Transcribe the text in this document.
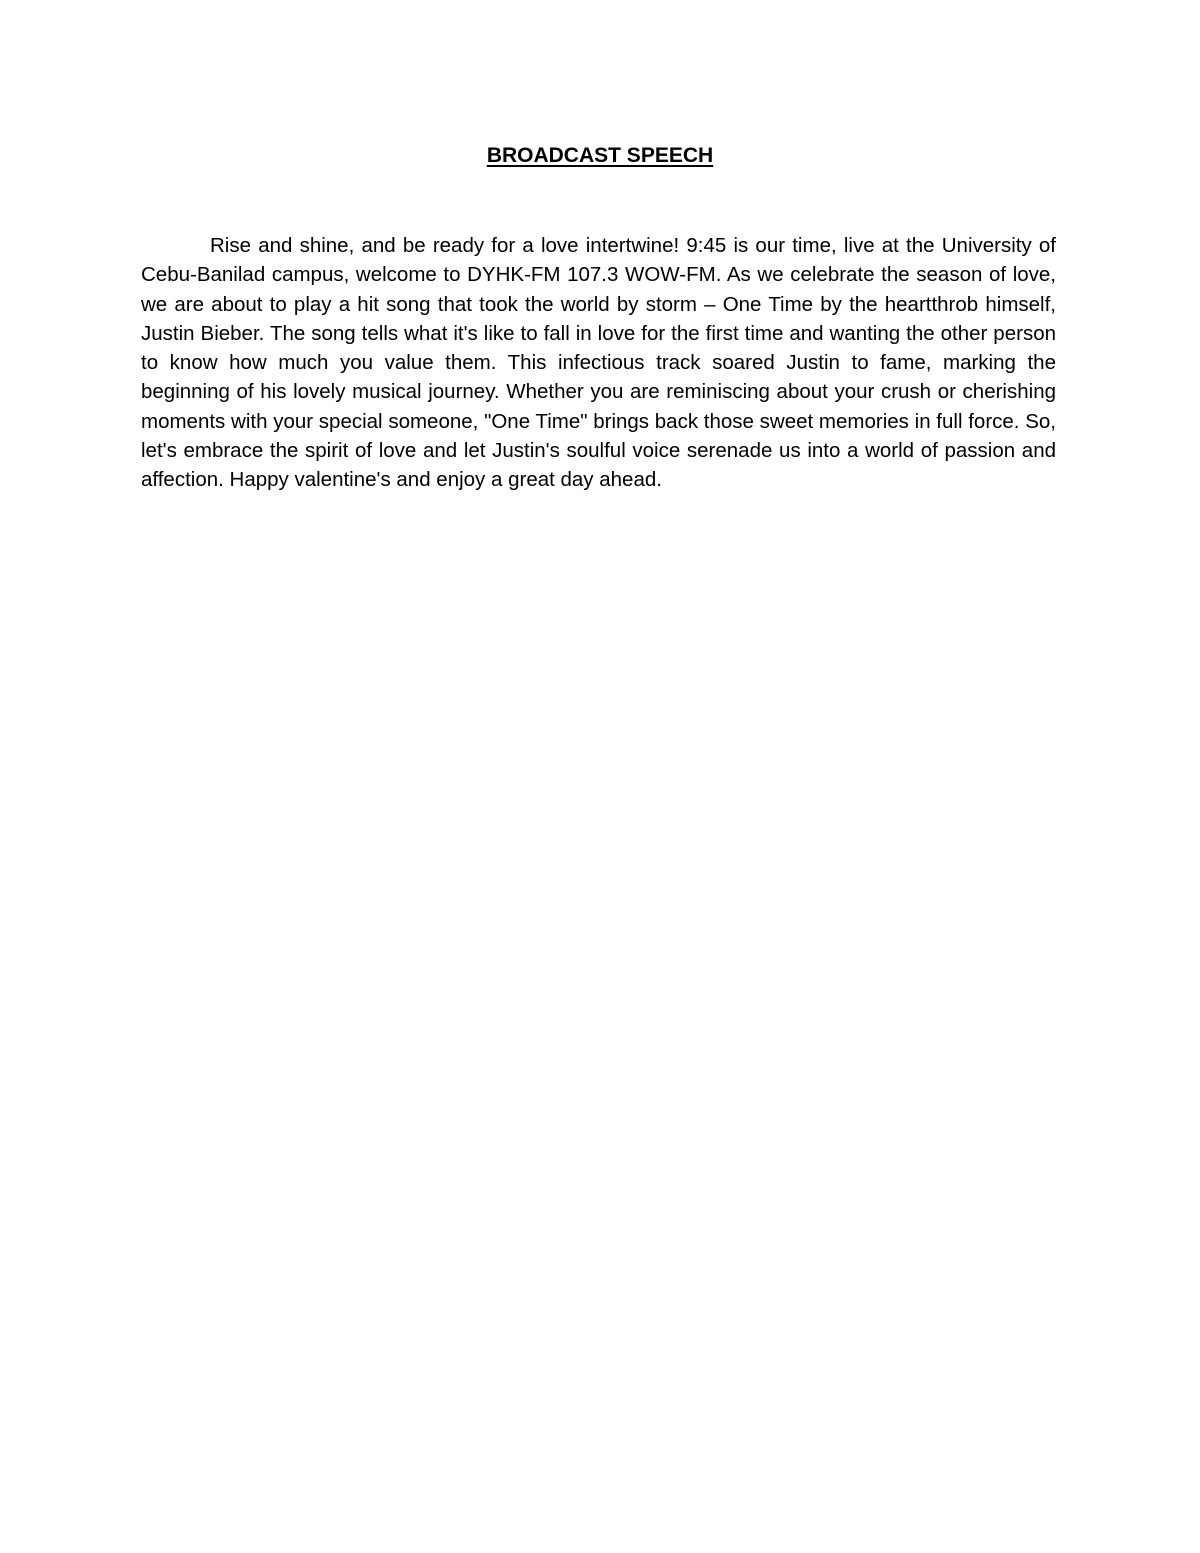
BROADCAST SPEECH

Rise and shine, and be ready for a love intertwine! 9:45 is our time, live at the University of Cebu-Banilad campus, welcome to DYHK-FM 107.3 WOW-FM. As we celebrate the season of love, we are about to play a hit song that took the world by storm – One Time by the heartthrob himself, Justin Bieber. The song tells what it's like to fall in love for the first time and wanting the other person to know how much you value them. This infectious track soared Justin to fame, marking the beginning of his lovely musical journey. Whether you are reminiscing about your crush or cherishing moments with your special someone, "One Time" brings back those sweet memories in full force. So, let's embrace the spirit of love and let Justin's soulful voice serenade us into a world of passion and affection. Happy valentine's and enjoy a great day ahead.
